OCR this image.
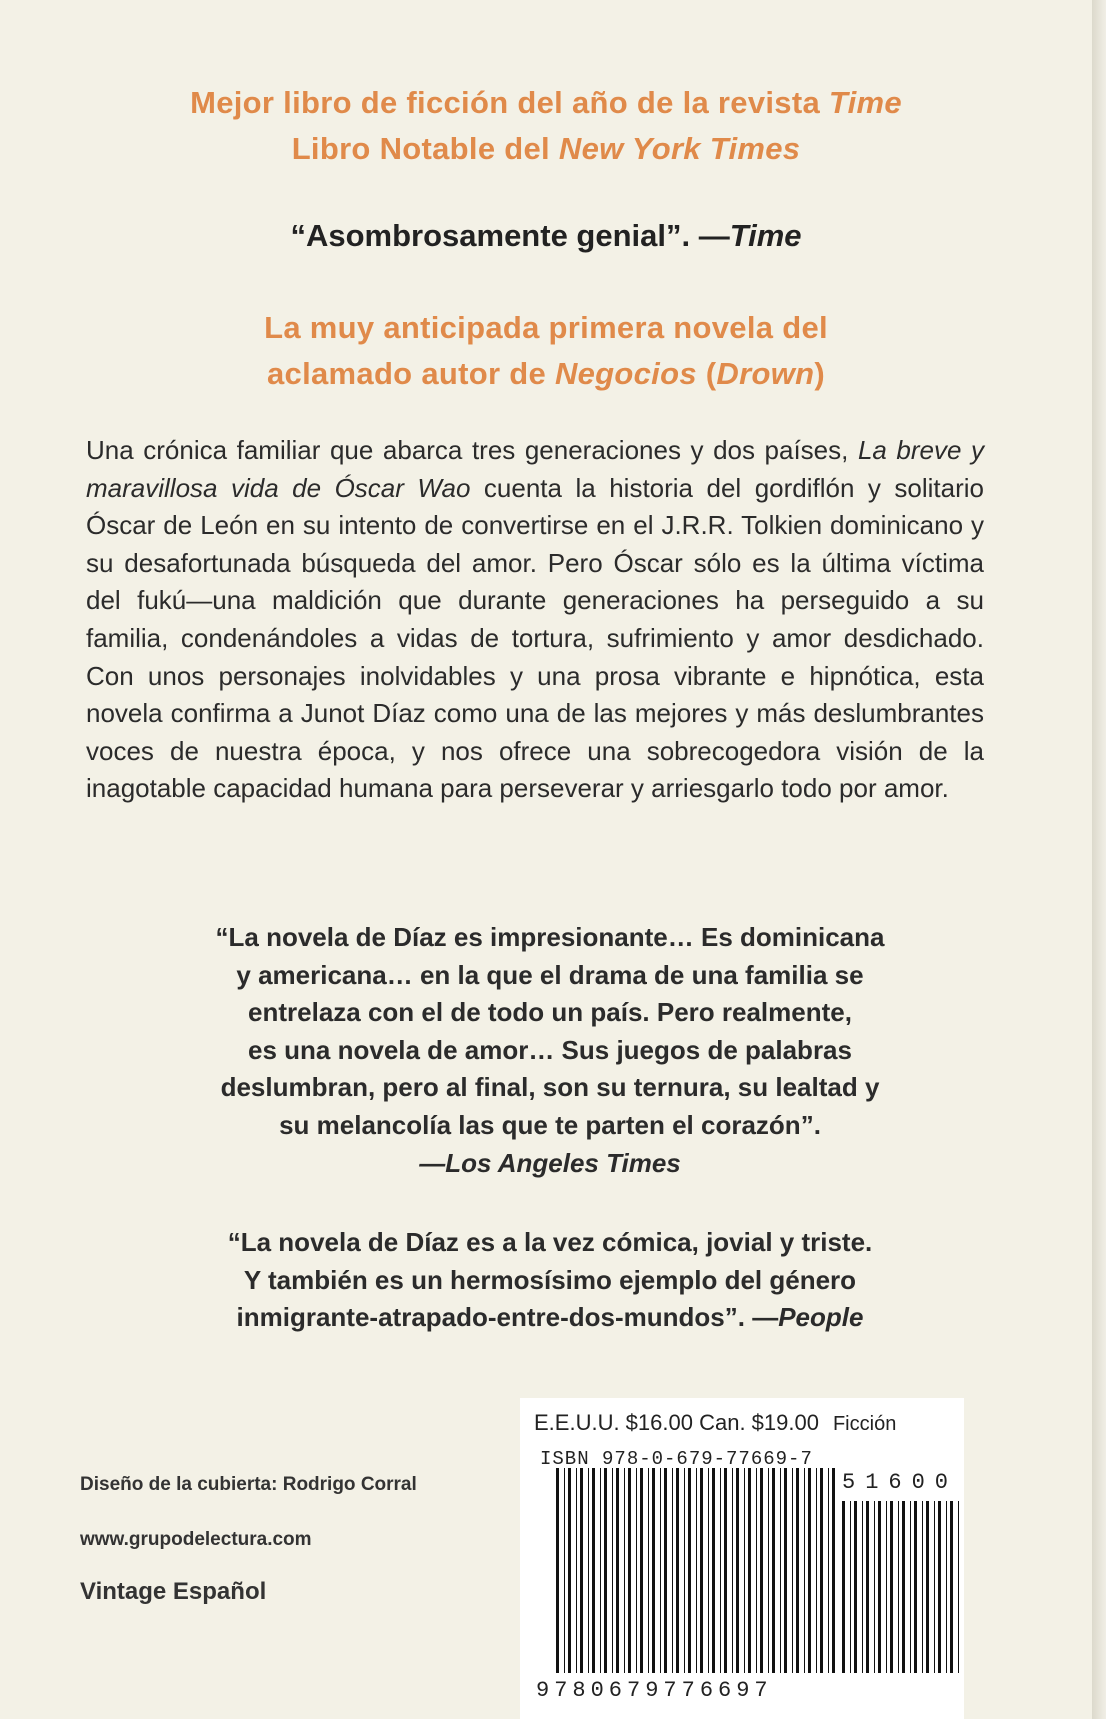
Mejor libro de ficción del año de la revista Time
Libro Notable del New York Times
“Asombrosamente genial”. —Time
La muy anticipada primera novela del
aclamado autor de Negocios (Drown)
Una crónica familiar que abarca tres generaciones y dos países, La breve y maravillosa vida de Óscar Wao cuenta la historia del gordiflón y solitario Óscar de León en su intento de convertirse en el J.R.R. Tolkien dominicano y su desafortunada búsqueda del amor. Pero Óscar sólo es la última víctima del fukú—una maldición que durante generaciones ha perseguido a su familia, condenándoles a vidas de tortura, sufrimiento y amor desdichado. Con unos personajes inolvidables y una prosa vibrante e hipnótica, esta novela confirma a Junot Díaz como una de las mejores y más deslumbrantes voces de nuestra época, y nos ofrece una sobrecogedora visión de la inagotable capacidad humana para perseverar y arriesgarlo todo por amor.
“La novela de Díaz es impresionante… Es dominicana
y americana… en la que el drama de una familia se
entrelaza con el de todo un país. Pero realmente,
es una novela de amor… Sus juegos de palabras
deslumbran, pero al final, son su ternura, su lealtad y
su melancolía las que te parten el corazón”.
—Los Angeles Times
“La novela de Díaz es a la vez cómica, jovial y triste.
Y también es un hermosísimo ejemplo del género
inmigrante-atrapado-entre-dos-mundos”. —People
Diseño de la cubierta: Rodrigo Corral
www.grupodelectura.com
Vintage Español
E.E.U.U. $16.00 Can. $19.00 Ficción
ISBN 978-0-679-77669-7
51600
9780679776697
